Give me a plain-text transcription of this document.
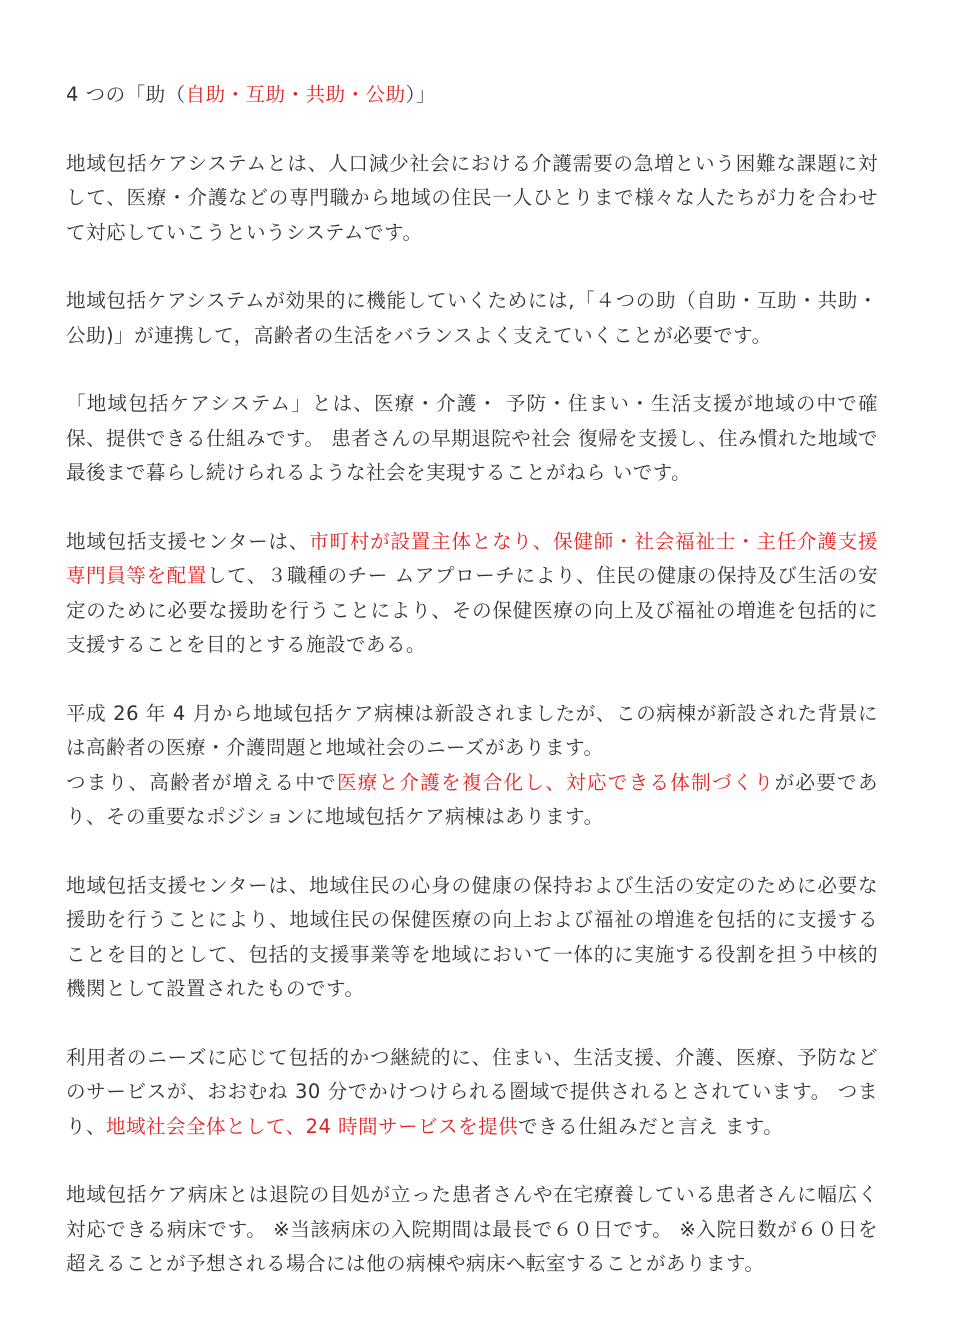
4 つの「助（自助・互助・共助・公助）」

地域包括ケアシステムとは、人口減少社会における介護需要の急増という困難な課題に対して、医療・介護などの専門職から地域の住民一人ひとりまで様々な人たちが力を合わせて対応していこうというシステムです。

地域包括ケアシステムが効果的に機能していくためには,「４つの助（自助・互助・共助・公助)」が連携して，高齢者の生活をバランスよく支えていくことが必要です。

「地域包括ケアシステム」とは、医療・介護・ 予防・住まい・生活支援が地域の中で確保、提供できる仕組みです。 患者さんの早期退院や社会 復帰を支援し、住み慣れた地域で最後まで暮らし続けられるような社会を実現することがねら いです。

地域包括支援センターは、市町村が設置主体となり、保健師・社会福祉士・主任介護支援専門員等を配置して、３職種のチー ムアプローチにより、住民の健康の保持及び生活の安定のために必要な援助を行うことにより、その保健医療の向上及び福祉の増進を包括的に支援することを目的とする施設である。

平成 26 年 4 月から地域包括ケア病棟は新設されましたが、この病棟が新設された背景には高齢者の医療・介護問題と地域社会のニーズがあります。
つまり、高齢者が増える中で医療と介護を複合化し、対応できる体制づくりが必要であり、その重要なポジションに地域包括ケア病棟はあります。

地域包括支援センターは、地域住民の心身の健康の保持および生活の安定のために必要な援助を行うことにより、地域住民の保健医療の向上および福祉の増進を包括的に支援することを目的として、包括的支援事業等を地域において一体的に実施する役割を担う中核的機関として設置されたものです。

利用者のニーズに応じて包括的かつ継続的に、住まい、生活支援、介護、医療、予防などのサービスが、おおむね 30 分でかけつけられる圏域で提供されるとされています。 つまり、地域社会全体として、24 時間サービスを提供できる仕組みだと言え ます。

地域包括ケア病床とは退院の目処が立った患者さんや在宅療養している患者さんに幅広く対応できる病床です。 ※当該病床の入院期間は最長で６０日です。 ※入院日数が６０日を超えることが予想される場合には他の病棟や病床へ転室することがあります。
